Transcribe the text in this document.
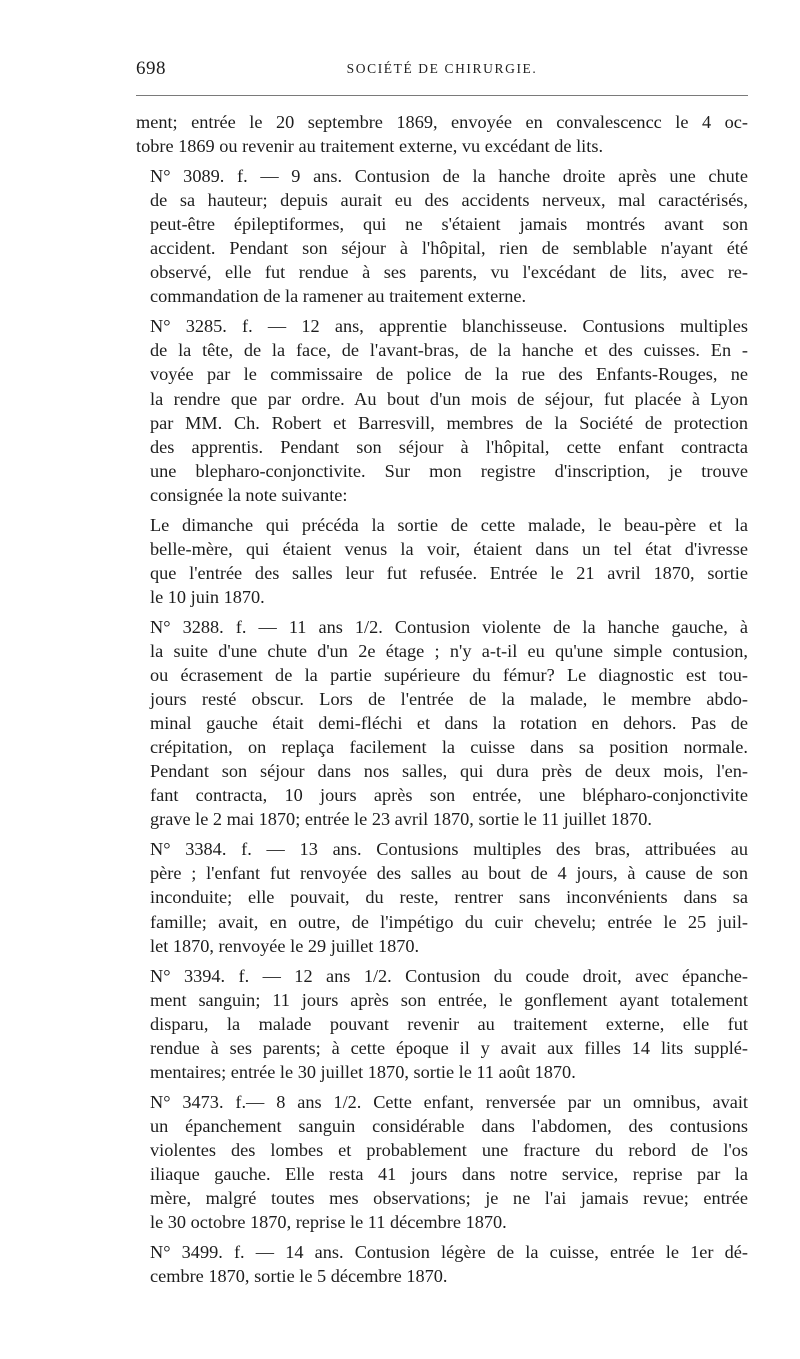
698	SOCIÉTÉ DE CHIRURGIE.

ment; entrée le 20 septembre 1869, envoyée en convalescencc le 4 oc-
tobre 1869 ou revenir au traitement externe, vu excédant de lits.

N° 3089. f. — 9 ans. Contusion de la hanche droite après une chute
de sa hauteur; depuis aurait eu des accidents nerveux, mal caractérisés,
peut-être épileptiformes, qui ne s'étaient jamais montrés avant son
accident. Pendant son séjour à l'hôpital, rien de semblable n'ayant été
observé, elle fut rendue à ses parents, vu l'excédant de lits, avec re-
commandation de la ramener au traitement externe.

N° 3285. f. — 12 ans, apprentie blanchisseuse. Contusions multiples
de la tête, de la face, de l'avant-bras, de la hanche et des cuisses. En -
voyée par le commissaire de police de la rue des Enfants-Rouges, ne
la rendre que par ordre. Au bout d'un mois de séjour, fut placée à Lyon
par MM. Ch. Robert et Barresvill, membres de la Société de protection
des apprentis. Pendant son séjour à l'hôpital, cette enfant contracta
une blepharo-conjonctivite. Sur mon registre d'inscription, je trouve
consignée la note suivante:

Le dimanche qui précéda la sortie de cette malade, le beau-père et la
belle-mère, qui étaient venus la voir, étaient dans un tel état d'ivresse
que l'entrée des salles leur fut refusée. Entrée le 21 avril 1870, sortie
le 10 juin 1870.

N° 3288. f. — 11 ans 1/2. Contusion violente de la hanche gauche, à
la suite d'une chute d'un 2e étage ; n'y a-t-il eu qu'une simple contusion,
ou écrasement de la partie supérieure du fémur? Le diagnostic est tou-
jours resté obscur. Lors de l'entrée de la malade, le membre abdo-
minal gauche était demi-fléchi et dans la rotation en dehors. Pas de
crépitation, on replaça facilement la cuisse dans sa position normale.
Pendant son séjour dans nos salles, qui dura près de deux mois, l'en-
fant contracta, 10 jours après son entrée, une blépharo-conjonctivite
grave le 2 mai 1870; entrée le 23 avril 1870, sortie le 11 juillet 1870.

N° 3384. f. — 13 ans. Contusions multiples des bras, attribuées au
père ; l'enfant fut renvoyée des salles au bout de 4 jours, à cause de son
inconduite; elle pouvait, du reste, rentrer sans inconvénients dans sa
famille; avait, en outre, de l'impétigo du cuir chevelu; entrée le 25 juil-
let 1870, renvoyée le 29 juillet 1870.

N° 3394. f. — 12 ans 1/2. Contusion du coude droit, avec épanche-
ment sanguin; 11 jours après son entrée, le gonflement ayant totalement
disparu, la malade pouvant revenir au traitement externe, elle fut
rendue à ses parents; à cette époque il y avait aux filles 14 lits supplé-
mentaires; entrée le 30 juillet 1870, sortie le 11 août 1870.

N° 3473. f.— 8 ans 1/2. Cette enfant, renversée par un omnibus, avait
un épanchement sanguin considérable dans l'abdomen, des contusions
violentes des lombes et probablement une fracture du rebord de l'os
iliaque gauche. Elle resta 41 jours dans notre service, reprise par la
mère, malgré toutes mes observations; je ne l'ai jamais revue; entrée
le 30 octobre 1870, reprise le 11 décembre 1870.

N° 3499. f. — 14 ans. Contusion légère de la cuisse, entrée le 1er dé-
cembre 1870, sortie le 5 décembre 1870.
